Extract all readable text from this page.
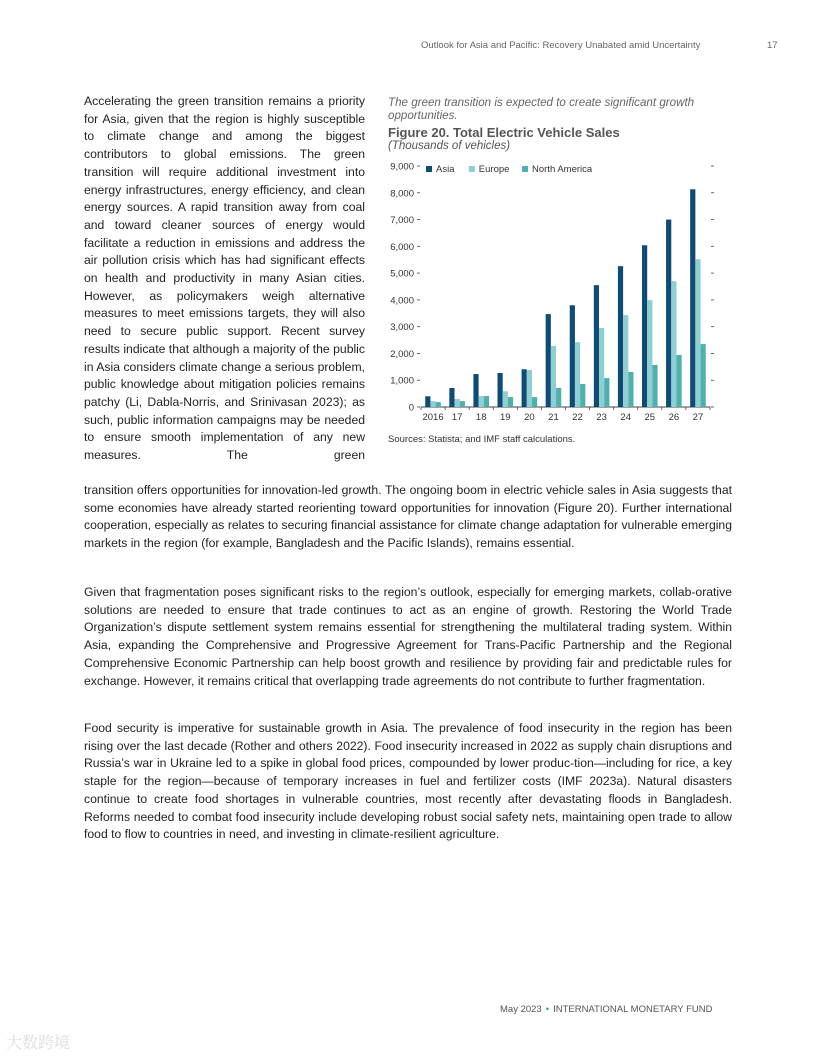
Outlook for Asia and Pacific: Recovery Unabated amid Uncertainty	17
Accelerating the green transition remains a priority for Asia, given that the region is highly susceptible to climate change and among the biggest contributors to global emissions. The green transition will require additional investment into energy infrastructures, energy efficiency, and clean energy sources. A rapid transition away from coal and toward cleaner sources of energy would facilitate a reduction in emissions and address the air pollution crisis which has had significant effects on health and productivity in many Asian cities. However, as policymakers weigh alternative measures to meet emissions targets, they will also need to secure public support. Recent survey results indicate that although a majority of the public in Asia considers climate change a serious problem, public knowledge about mitigation policies remains patchy (Li, Dabla-Norris, and Srinivasan 2023); as such, public information campaigns may be needed to ensure smooth implementation of any new measures. The green
The green transition is expected to create significant growth opportunities.
Figure 20. Total Electric Vehicle Sales
(Thousands of vehicles)
0
1,000
2,000
3,000
4,000
5,000
6,000
7,000
8,000
9,000
2016 17 18 19 20 21 22 23 24 25 26 27
Asia	Europe North America
Sources: Statista; and IMF staff calculations.
transition offers opportunities for innovation-led growth. The ongoing boom in electric vehicle sales in Asia suggests that some economies have already started reorienting toward opportunities for innovation (Figure 20). Further international cooperation, especially as relates to securing financial assistance for climate change adaptation for vulnerable emerging markets in the region (for example, Bangladesh and the Pacific Islands), remains essential.
Given that fragmentation poses significant risks to the region’s outlook, especially for emerging markets, collab-orative solutions are needed to ensure that trade continues to act as an engine of growth. Restoring the World Trade Organization’s dispute settlement system remains essential for strengthening the multilateral trading system. Within Asia, expanding the Comprehensive and Progressive Agreement for Trans-Pacific Partnership and the Regional Comprehensive Economic Partnership can help boost growth and resilience by providing fair and predictable rules for exchange. However, it remains critical that overlapping trade agreements do not contribute to further fragmentation.
Food security is imperative for sustainable growth in Asia. The prevalence of food insecurity in the region has been rising over the last decade (Rother and others 2022). Food insecurity increased in 2022 as supply chain disruptions and Russia’s war in Ukraine led to a spike in global food prices, compounded by lower produc-tion—including for rice, a key staple for the region—because of temporary increases in fuel and fertilizer costs (IMF 2023a). Natural disasters continue to create food shortages in vulnerable countries, most recently after devastating floods in Bangladesh. Reforms needed to combat food insecurity include developing robust social safety nets, maintaining open trade to allow food to flow to countries in need, and investing in climate-resilient agriculture.
May 2023 • INTERNATIONAL MONETARY FUND
大数跨境
